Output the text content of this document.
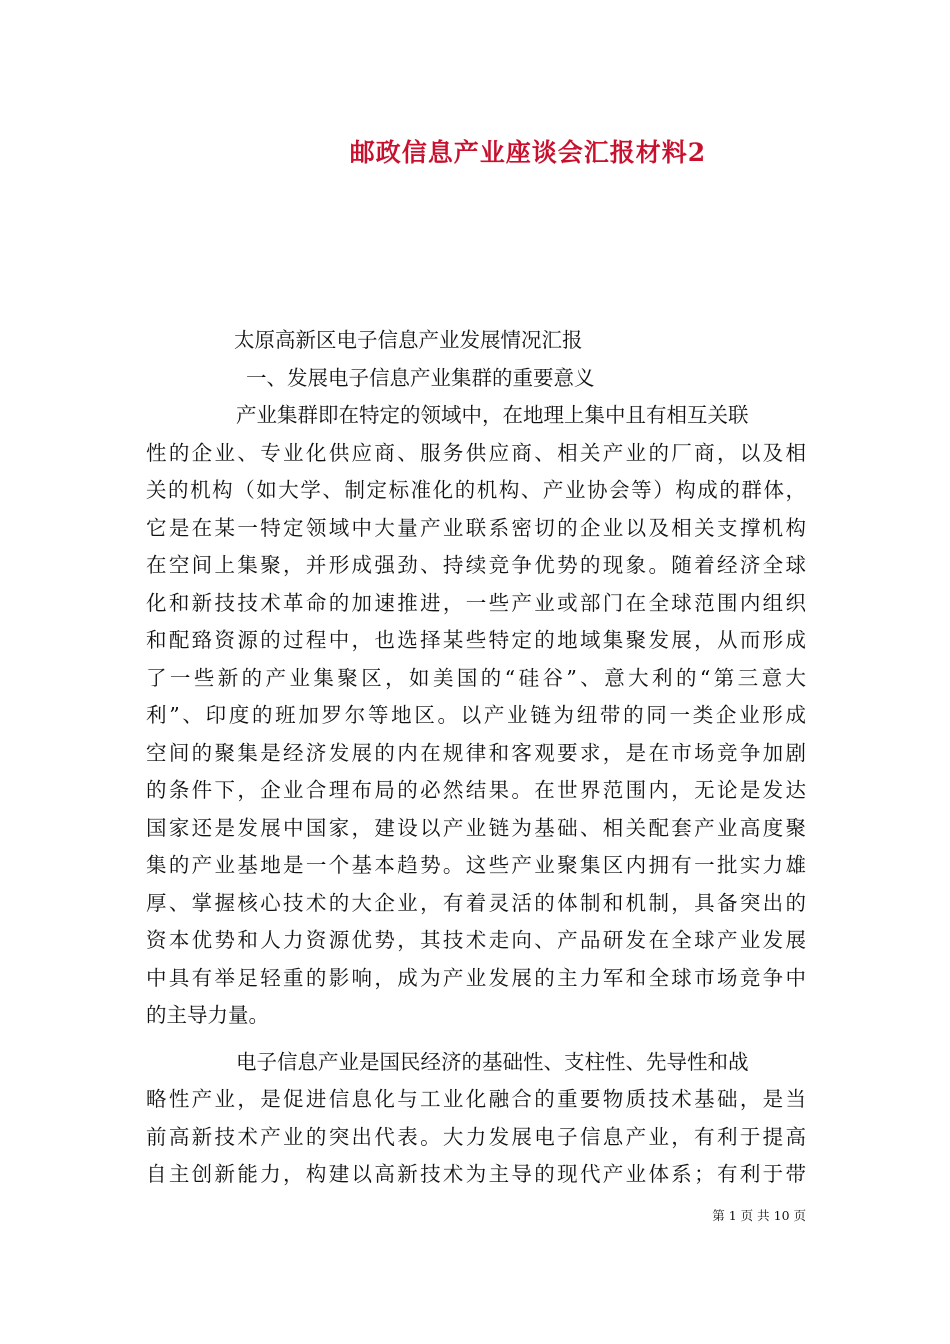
邮政信息产业座谈会汇报材料2
太原高新区电子信息产业发展情况汇报
一、发展电子信息产业集群的重要意义
产业集群即在特定的领域中，在地理上集中且有相互关联
性的企业、专业化供应商、服务供应商、相关产业的厂商，以及相
关的机构（如大学、制定标准化的机构、产业协会等）构成的群体，
它是在某一特定领域中大量产业联系密切的企业以及相关支撑机构
在空间上集聚，并形成强劲、持续竞争优势的现象。随着经济全球
化和新技技术革命的加速推进，一些产业或部门在全球范围内组织
和配臵资源的过程中，也选择某些特定的地域集聚发展，从而形成
了一些新的产业集聚区，如美国的“硅谷”、意大利的“第三意大
利”、印度的班加罗尔等地区。以产业链为纽带的同一类企业形成
空间的聚集是经济发展的内在规律和客观要求，是在市场竞争加剧
的条件下，企业合理布局的必然结果。在世界范围内，无论是发达
国家还是发展中国家，建设以产业链为基础、相关配套产业高度聚
集的产业基地是一个基本趋势。这些产业聚集区内拥有一批实力雄
厚、掌握核心技术的大企业，有着灵活的体制和机制，具备突出的
资本优势和人力资源优势，其技术走向、产品研发在全球产业发展
中具有举足轻重的影响，成为产业发展的主力军和全球市场竞争中
的主导力量。
电子信息产业是国民经济的基础性、支柱性、先导性和战
略性产业，是促进信息化与工业化融合的重要物质技术基础，是当
前高新技术产业的突出代表。大力发展电子信息产业，有利于提高
自主创新能力，构建以高新技术为主导的现代产业体系；有利于带
第 1 页 共 10 页
